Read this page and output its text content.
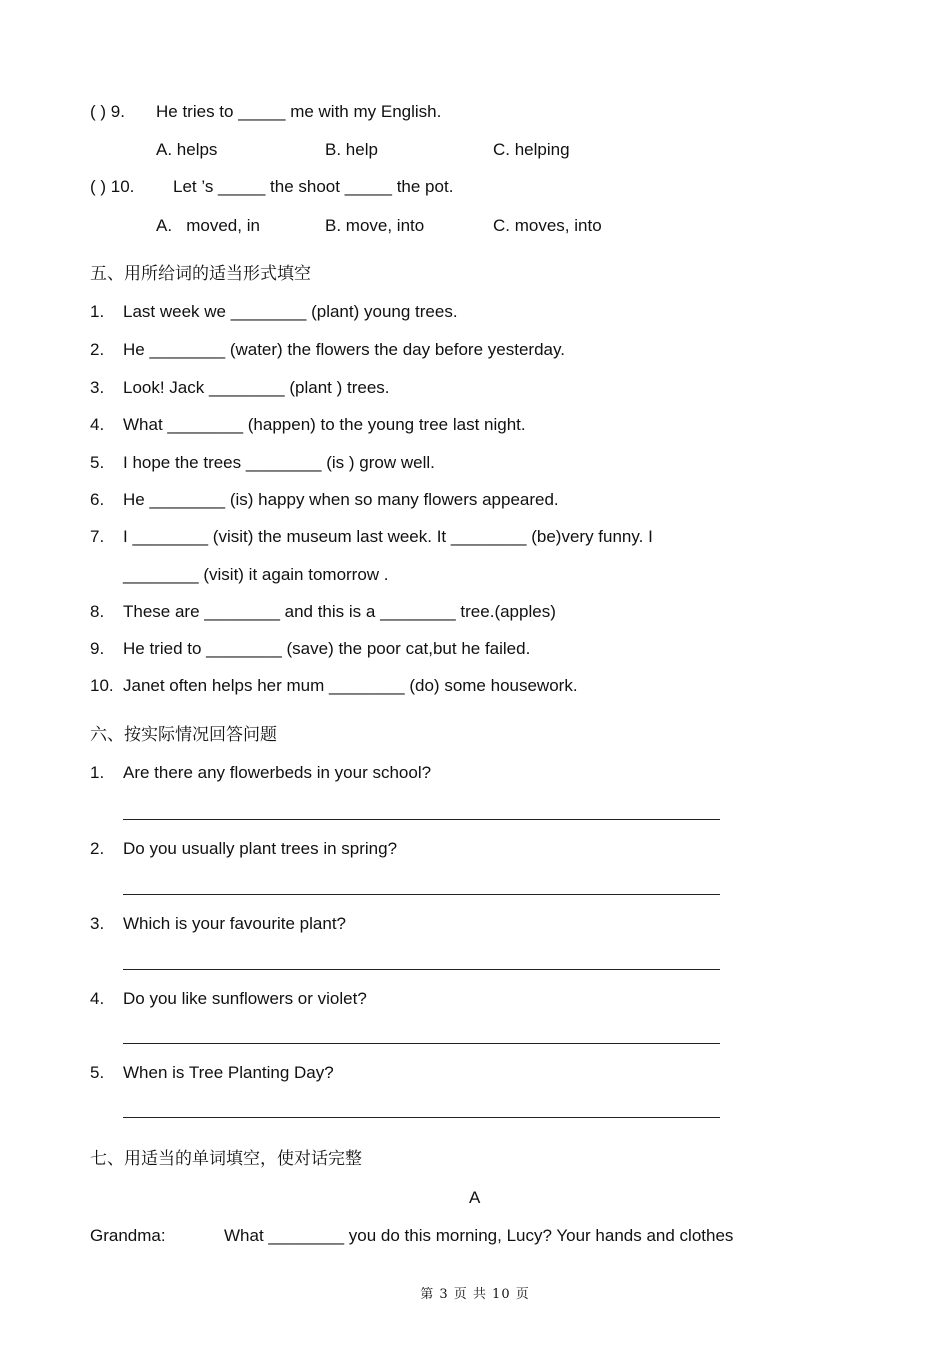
( ) 9. He tries to _____ me with my English.
A. helps	B. help	C. helping
( ) 10. Let ’s _____ the shoot _____ the pot.
A.   moved, in	B. move, into	C. moves, into
五、用所给词的适当形式填空
1. Last week we ________ (plant) young trees.
2. He ________ (water) the flowers the day before yesterday.
3. Look! Jack ________ (plant ) trees.
4. What ________ (happen) to the young tree last night.
5. I hope the trees ________ (is ) grow well.
6. He ________ (is) happy when so many flowers appeared.
7. I ________ (visit) the museum last week. It ________ (be)very funny. I
________ (visit) it again tomorrow .
8. These are ________ and this is a ________ tree.(apples)
9. He tried to ________ (save) the poor cat,but he failed.
10. Janet often helps her mum ________ (do) some housework.
六、按实际情况回答问题
1. Are there any flowerbeds in your school?
2. Do you usually plant trees in spring?
3. Which is your favourite plant?
4. Do you like sunflowers or violet?
5. When is Tree Planting Day?
七、用适当的单词填空，使对话完整
A
Grandma:	What ________ you do this morning, Lucy? Your hands and clothes
第 3 页 共 10 页
